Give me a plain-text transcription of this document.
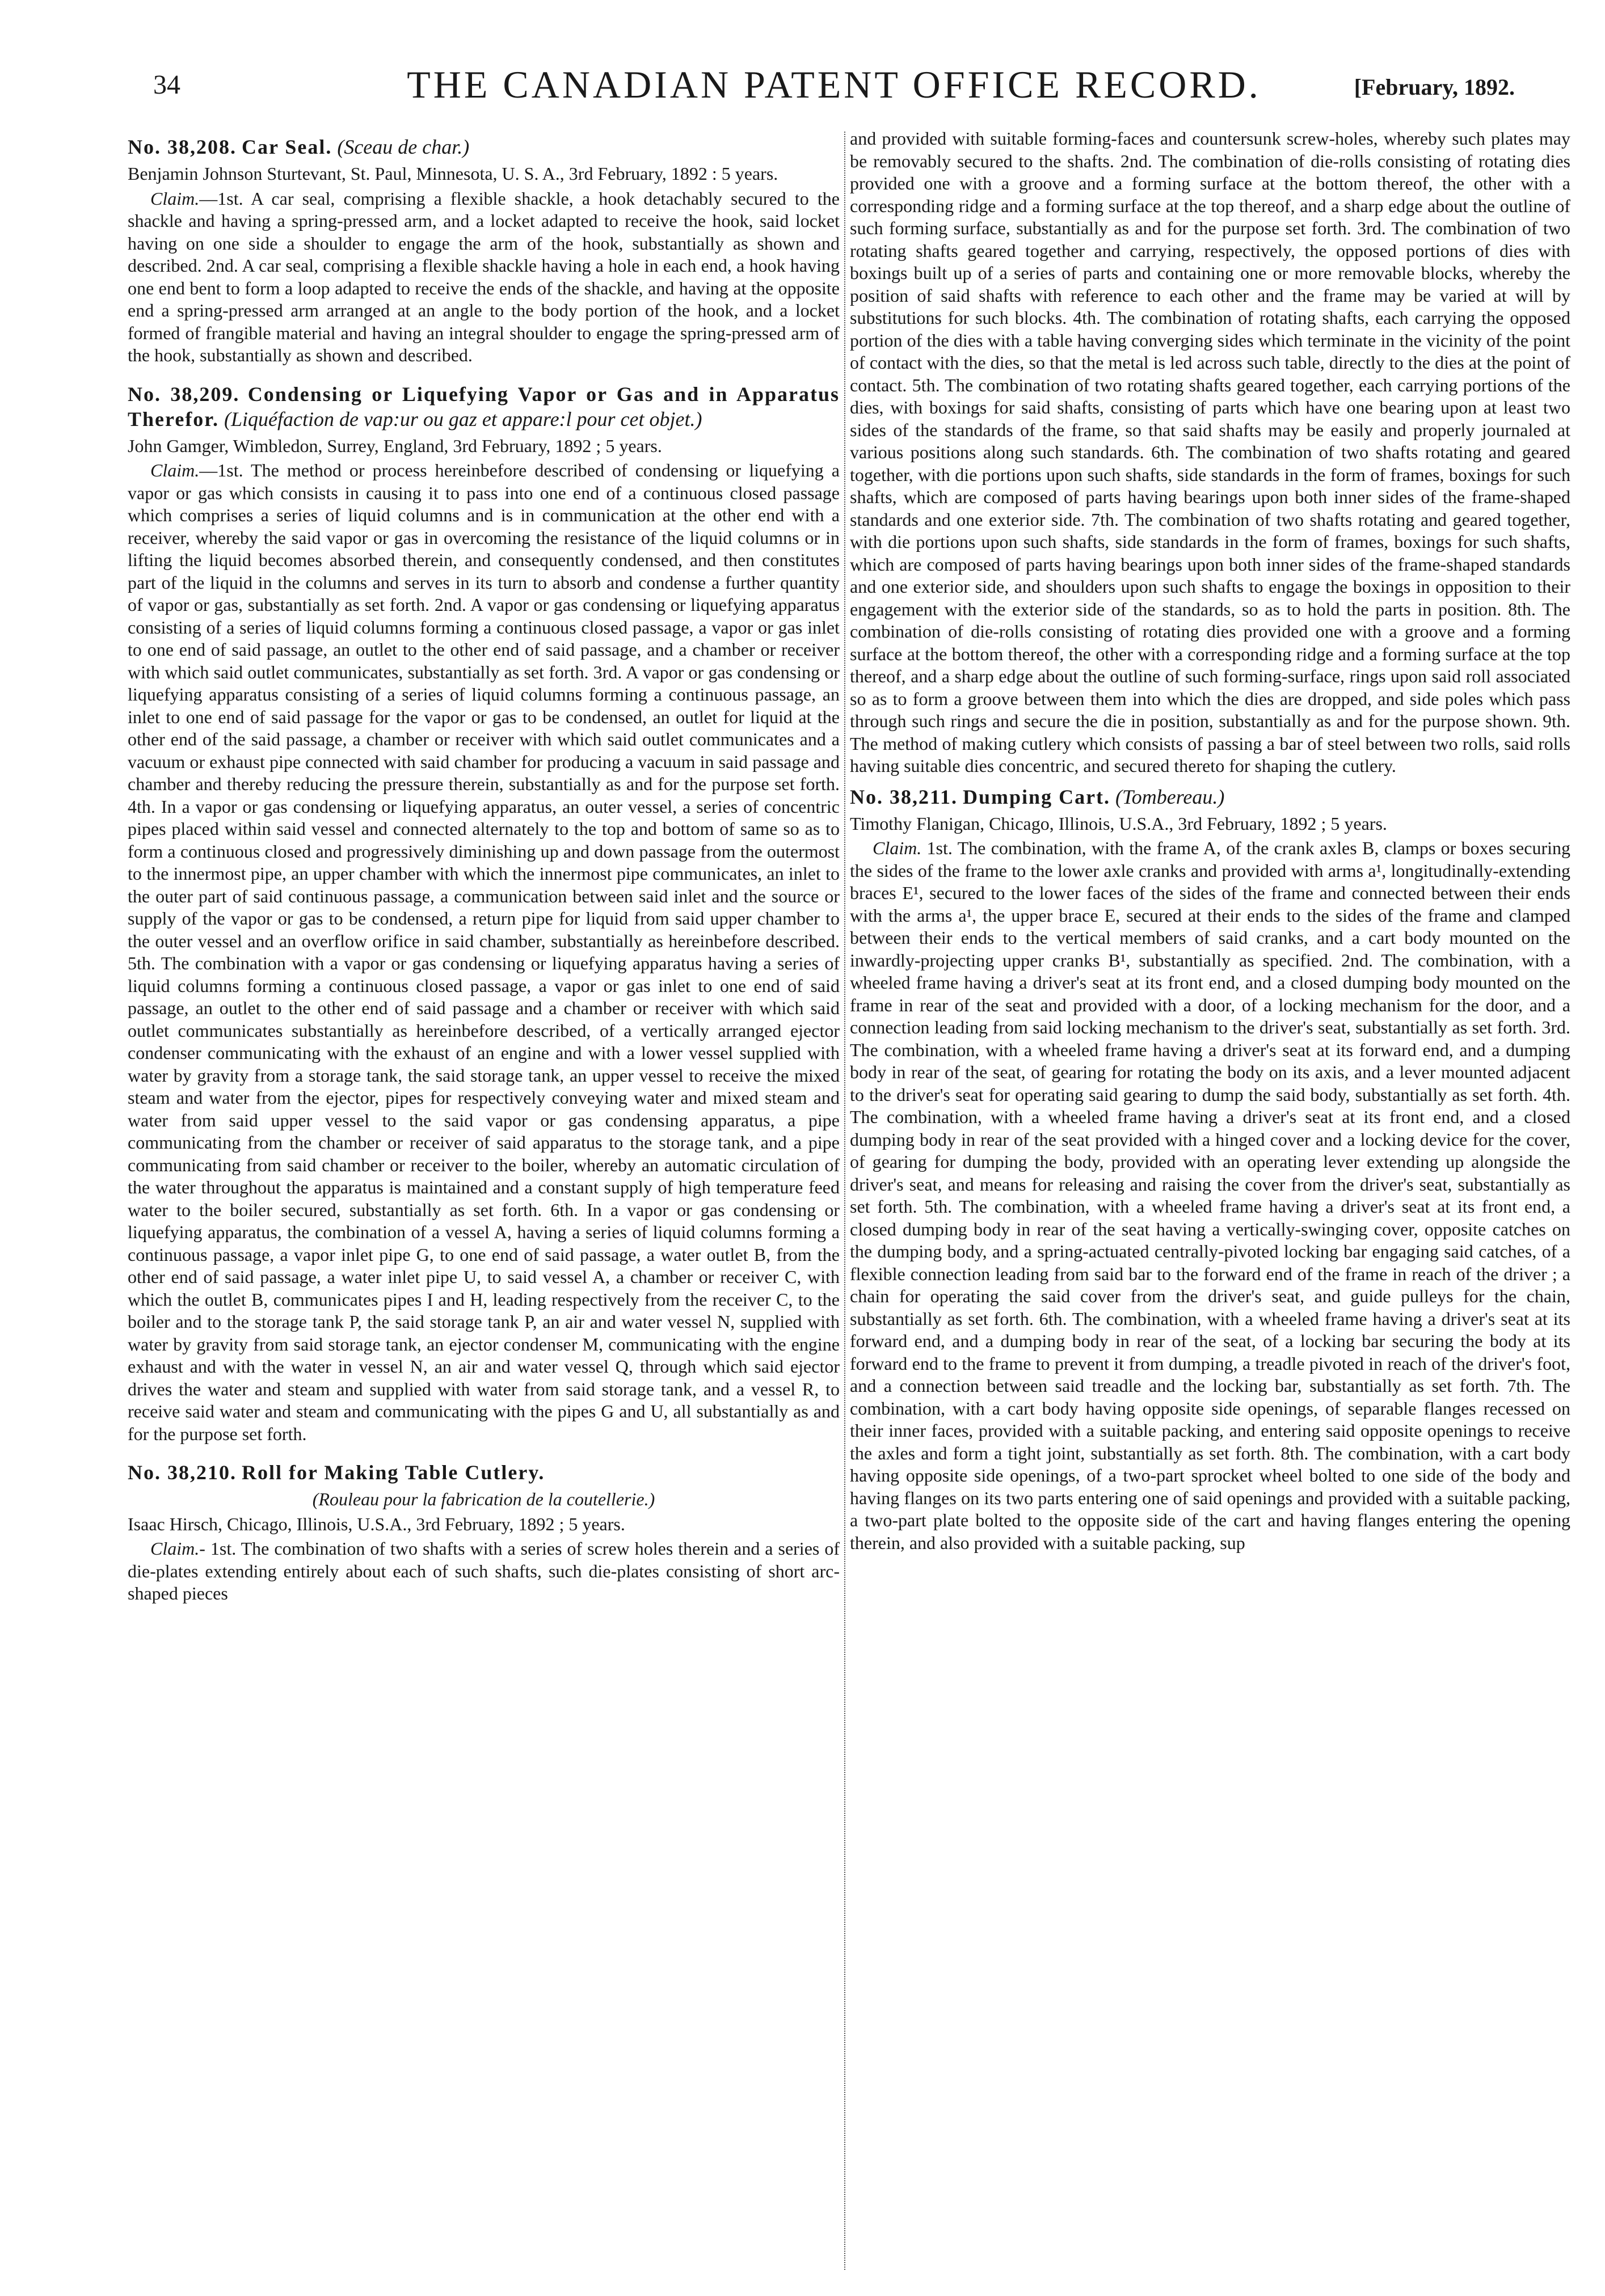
34	THE CANADIAN PATENT OFFICE RECORD.	[February, 1892.
No. 38,208. Car Seal. (Sceau de char.)

Benjamin Johnson Sturtevant, St. Paul, Minnesota, U. S. A., 3rd February, 1892 : 5 years.

Claim.—1st. A car seal, comprising a flexible shackle, a hook detachably secured to the shackle and having a spring-pressed arm, and a locket adapted to receive the hook, said locket having on one side a shoulder to engage the arm of the hook, substantially as shown and described. 2nd. A car seal, comprising a flexible shackle having a hole in each end, a hook having one end bent to form a loop adapted to receive the ends of the shackle, and having at the opposite end a spring-pressed arm arranged at an angle to the body portion of the hook, and a locket formed of frangible material and having an integral shoulder to engage the spring-pressed arm of the hook, substantially as shown and described.

No. 38,209. Condensing or Liquefying Vapor or Gas and in Apparatus Therefor. (Liquéfaction de vap:ur ou gaz et appare:l pour cet objet.)

John Gamger, Wimbledon, Surrey, England, 3rd February, 1892 ; 5 years.

Claim.—1st. The method or process hereinbefore described of condensing or liquefying a vapor or gas which consists in causing it to pass into one end of a continuous closed passage which comprises a series of liquid columns and is in communication at the other end with a receiver, whereby the said vapor or gas in overcoming the resistance of the liquid columns or in lifting the liquid becomes absorbed therein, and consequently condensed, and then constitutes part of the liquid in the columns and serves in its turn to absorb and condense a further quantity of vapor or gas, substantially as set forth. 2nd. A vapor or gas condensing or liquefying apparatus consisting of a series of liquid columns forming a continuous closed passage, a vapor or gas inlet to one end of said passage, an outlet to the other end of said passage, and a chamber or receiver with which said outlet communicates, substantially as set forth. 3rd. A vapor or gas condensing or liquefying apparatus consisting of a series of liquid columns forming a continuous passage, an inlet to one end of said passage for the vapor or gas to be condensed, an outlet for liquid at the other end of the said passage, a chamber or receiver with which said outlet communicates and a vacuum or exhaust pipe connected with said chamber for producing a vacuum in said passage and chamber and thereby reducing the pressure therein, substantially as and for the purpose set forth. 4th. In a vapor or gas condensing or liquefying apparatus, an outer vessel, a series of concentric pipes placed within said vessel and connected alternately to the top and bottom of same so as to form a continuous closed and progressively diminishing up and down passage from the outermost to the innermost pipe, an upper chamber with which the innermost pipe communicates, an inlet to the outer part of said continuous passage, a communication between said inlet and the source or supply of the vapor or gas to be condensed, a return pipe for liquid from said upper chamber to the outer vessel and an overflow orifice in said chamber, substantially as hereinbefore described. 5th. The combination with a vapor or gas condensing or liquefying apparatus having a series of liquid columns forming a continuous closed passage, a vapor or gas inlet to one end of said passage, an outlet to the other end of said passage and a chamber or receiver with which said outlet communicates substantially as hereinbefore described, of a vertically arranged ejector condenser communicating with the exhaust of an engine and with a lower vessel supplied with water by gravity from a storage tank, the said storage tank, an upper vessel to receive the mixed steam and water from the ejector, pipes for respectively conveying water and mixed steam and water from said upper vessel to the said vapor or gas condensing apparatus, a pipe communicating from the chamber or receiver of said apparatus to the storage tank, and a pipe communicating from said chamber or receiver to the boiler, whereby an automatic circulation of the water throughout the apparatus is maintained and a constant supply of high temperature feed water to the boiler secured, substantially as set forth. 6th. In a vapor or gas condensing or liquefying apparatus, the combination of a vessel A, having a series of liquid columns forming a continuous passage, a vapor inlet pipe G, to one end of said passage, a water outlet B, from the other end of said passage, a water inlet pipe U, to said vessel A, a chamber or receiver C, with which the outlet B, communicates pipes I and H, leading respectively from the receiver C, to the boiler and to the storage tank P, the said storage tank P, an air and water vessel N, supplied with water by gravity from said storage tank, an ejector condenser M, communicating with the engine exhaust and with the water in vessel N, an air and water vessel Q, through which said ejector drives the water and steam and supplied with water from said storage tank, and a vessel R, to receive said water and steam and communicating with the pipes G and U, all substantially as and for the purpose set forth.

No. 38,210. Roll for Making Table Cutlery.

(Rouleau pour la fabrication de la coutellerie.)

Isaac Hirsch, Chicago, Illinois, U.S.A., 3rd February, 1892 ; 5 years.

Claim.- 1st. The combination of two shafts with a series of screw holes therein and a series of die-plates extending entirely about each of such shafts, such die-plates consisting of short arc-shaped pieces

and provided with suitable forming-faces and countersunk screw-holes, whereby such plates may be removably secured to the shafts. 2nd. The combination of die-rolls consisting of rotating dies provided one with a groove and a forming surface at the bottom thereof, the other with a corresponding ridge and a forming surface at the top thereof, and a sharp edge about the outline of such forming surface, substantially as and for the purpose set forth. 3rd. The combination of two rotating shafts geared together and carrying, respectively, the opposed portions of dies with boxings built up of a series of parts and containing one or more removable blocks, whereby the position of said shafts with reference to each other and the frame may be varied at will by substitutions for such blocks. 4th. The combination of rotating shafts, each carrying the opposed portion of the dies with a table having converging sides which terminate in the vicinity of the point of contact with the dies, so that the metal is led across such table, directly to the dies at the point of contact. 5th. The combination of two rotating shafts geared together, each carrying portions of the dies, with boxings for said shafts, consisting of parts which have one bearing upon at least two sides of the standards of the frame, so that said shafts may be easily and properly journaled at various positions along such standards. 6th. The combination of two shafts rotating and geared together, with die portions upon such shafts, side standards in the form of frames, boxings for such shafts, which are composed of parts having bearings upon both inner sides of the frame-shaped standards and one exterior side. 7th. The combination of two shafts rotating and geared together, with die portions upon such shafts, side standards in the form of frames, boxings for such shafts, which are composed of parts having bearings upon both inner sides of the frame-shaped standards and one exterior side, and shoulders upon such shafts to engage the boxings in opposition to their engagement with the exterior side of the standards, so as to hold the parts in position. 8th. The combination of die-rolls consisting of rotating dies provided one with a groove and a forming surface at the bottom thereof, the other with a corresponding ridge and a forming surface at the top thereof, and a sharp edge about the outline of such forming-surface, rings upon said roll associated so as to form a groove between them into which the dies are dropped, and side poles which pass through such rings and secure the die in position, substantially as and for the purpose shown. 9th. The method of making cutlery which consists of passing a bar of steel between two rolls, said rolls having suitable dies concentric, and secured thereto for shaping the cutlery.

No. 38,211. Dumping Cart. (Tombereau.)

Timothy Flanigan, Chicago, Illinois, U.S.A., 3rd February, 1892 ; 5 years.

Claim. 1st. The combination, with the frame A, of the crank axles B, clamps or boxes securing the sides of the frame to the lower axle cranks and provided with arms a¹, longitudinally-extending braces E¹, secured to the lower faces of the sides of the frame and connected between their ends with the arms a¹, the upper brace E, secured at their ends to the sides of the frame and clamped between their ends to the vertical members of said cranks, and a cart body mounted on the inwardly-projecting upper cranks B¹, substantially as specified. 2nd. The combination, with a wheeled frame having a driver's seat at its front end, and a closed dumping body mounted on the frame in rear of the seat and provided with a door, of a locking mechanism for the door, and a connection leading from said locking mechanism to the driver's seat, substantially as set forth. 3rd. The combination, with a wheeled frame having a driver's seat at its forward end, and a dumping body in rear of the seat, of gearing for rotating the body on its axis, and a lever mounted adjacent to the driver's seat for operating said gearing to dump the said body, substantially as set forth. 4th. The combination, with a wheeled frame having a driver's seat at its front end, and a closed dumping body in rear of the seat provided with a hinged cover and a locking device for the cover, of gearing for dumping the body, provided with an operating lever extending up alongside the driver's seat, and means for releasing and raising the cover from the driver's seat, substantially as set forth. 5th. The combination, with a wheeled frame having a driver's seat at its front end, a closed dumping body in rear of the seat having a vertically-swinging cover, opposite catches on the dumping body, and a spring-actuated centrally-pivoted locking bar engaging said catches, of a flexible connection leading from said bar to the forward end of the frame in reach of the driver ; a chain for operating the said cover from the driver's seat, and guide pulleys for the chain, substantially as set forth. 6th. The combination, with a wheeled frame having a driver's seat at its forward end, and a dumping body in rear of the seat, of a locking bar securing the body at its forward end to the frame to prevent it from dumping, a treadle pivoted in reach of the driver's foot, and a connection between said treadle and the locking bar, substantially as set forth. 7th. The combination, with a cart body having opposite side openings, of separable flanges recessed on their inner faces, provided with a suitable packing, and entering said opposite openings to receive the axles and form a tight joint, substantially as set forth. 8th. The combination, with a cart body having opposite side openings, of a two-part sprocket wheel bolted to one side of the body and having flanges on its two parts entering one of said openings and provided with a suitable packing, a two-part plate bolted to the opposite side of the cart and having flanges entering the opening therein, and also provided with a suitable packing, sup
